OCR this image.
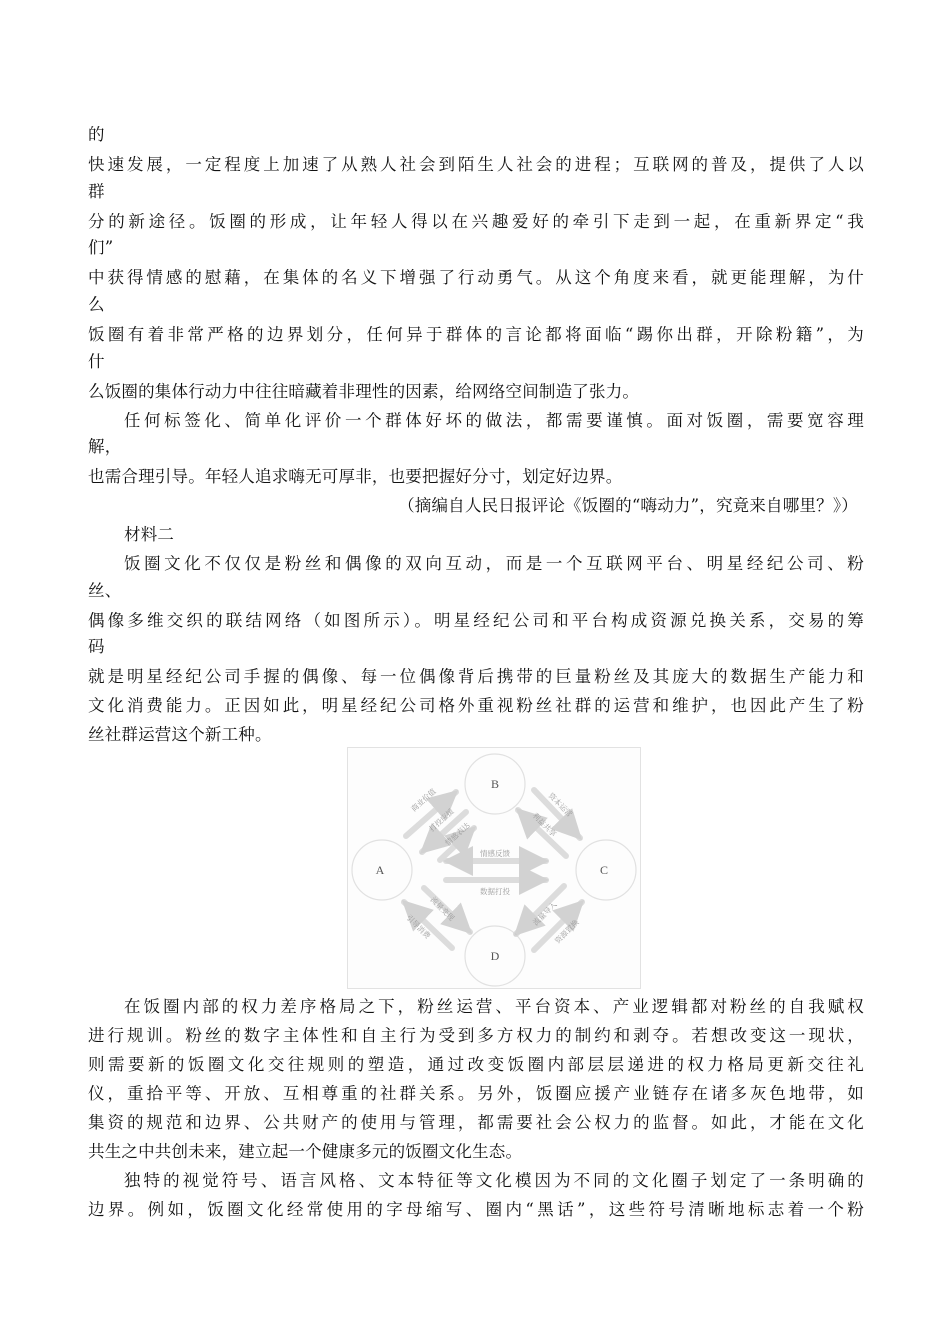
的
快速发展，一定程度上加速了从熟人社会到陌生人社会的进程；互联网的普及，提供了人以
群
分的新途径。饭圈的形成，让年轻人得以在兴趣爱好的牵引下走到一起，在重新界定“我
们”
中获得情感的慰藉，在集体的名义下增强了行动勇气。从这个角度来看，就更能理解，为什
么
饭圈有着非常严格的边界划分，任何异于群体的言论都将面临“踢你出群，开除粉籍”，为
什
么饭圈的集体行动力中往往暗藏着非理性的因素，给网络空间制造了张力。
任何标签化、简单化评价一个群体好坏的做法，都需要谨慎。面对饭圈，需要宽容理
解，
也需合理引导。年轻人追求嗨无可厚非，也要把握好分寸，划定好边界。
（摘编自人民日报评论《饭圈的“嗨动力”，究竟来自哪里？》）
材料二
饭圈文化不仅仅是粉丝和偶像的双向互动，而是一个互联网平台、明星经纪公司、粉
丝、
偶像多维交织的联结网络（如图所示）。明星经纪公司和平台构成资源兑换关系，交易的筹
码
就是明星经纪公司手握的偶像、每一位偶像背后携带的巨量粉丝及其庞大的数据生产能力和
文化消费能力。正因如此，明星经纪公司格外重视粉丝社群的运营和维护，也因此产生了粉
丝社群运营这个新工种。
B
A	C
D
情感反馈
数据打投
商业价值
打投应援
情感表达
资本运营
利益共享
引导消费
流量变现
资源置换
流量导入
在饭圈内部的权力差序格局之下，粉丝运营、平台资本、产业逻辑都对粉丝的自我赋权
进行规训。粉丝的数字主体性和自主行为受到多方权力的制约和剥夺。若想改变这一现状，
则需要新的饭圈文化交往规则的塑造，通过改变饭圈内部层层递进的权力格局更新交往礼
仪，重拾平等、开放、互相尊重的社群关系。另外，饭圈应援产业链存在诸多灰色地带，如
集资的规范和边界、公共财产的使用与管理，都需要社会公权力的监督。如此，才能在文化
共生之中共创未来，建立起一个健康多元的饭圈文化生态。
独特的视觉符号、语言风格、文本特征等文化模因为不同的文化圈子划定了一条明确的
边界。例如，饭圈文化经常使用的字母缩写、圈内“黑话”，这些符号清晰地标志着一个粉
